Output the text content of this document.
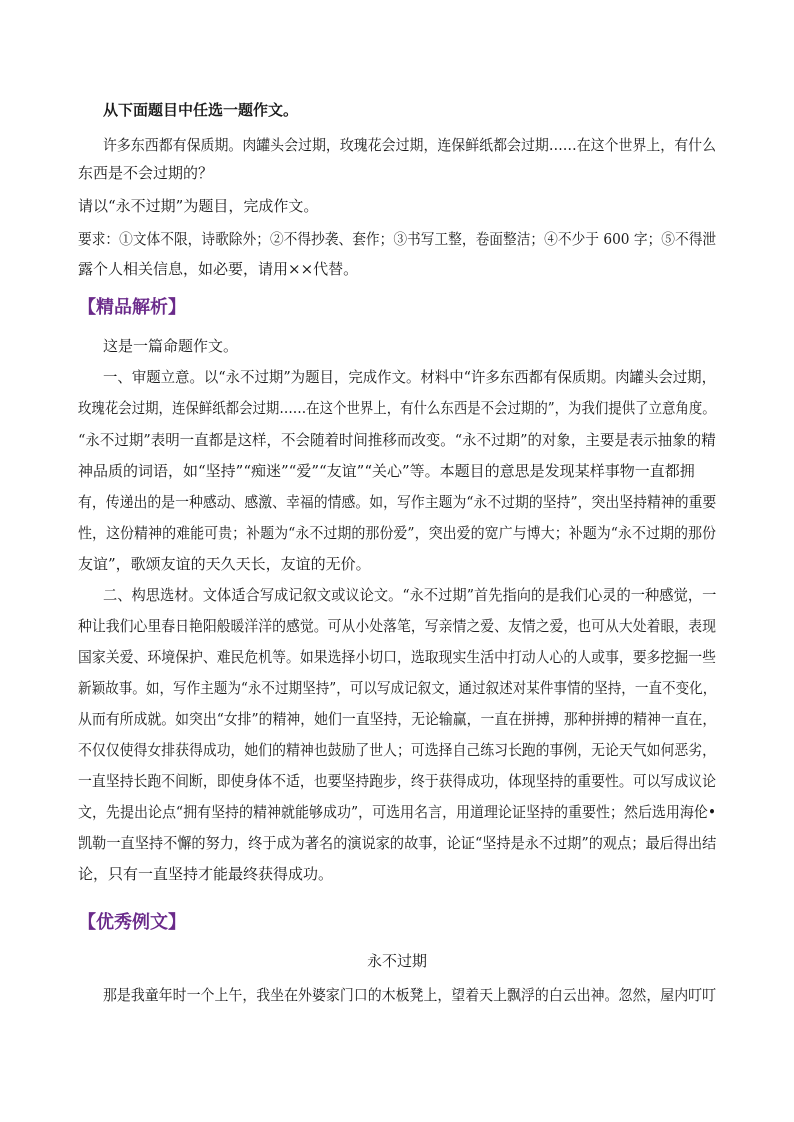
从下面题目中任选一题作文。
许多东西都有保质期。肉罐头会过期，玫瑰花会过期，连保鲜纸都会过期……在这个世界上，有什么
东西是不会过期的？
请以“永不过期”为题目，完成作文。
要求：①文体不限，诗歌除外；②不得抄袭、套作；③书写工整，卷面整洁；④不少于 600 字；⑤不得泄
露个人相关信息，如必要，请用××代替。
【精品解析】
这是一篇命题作文。
一、审题立意。以“永不过期”为题目，完成作文。材料中“许多东西都有保质期。肉罐头会过期，
玫瑰花会过期，连保鲜纸都会过期……在这个世界上，有什么东西是不会过期的”，为我们提供了立意角度。
“永不过期”表明一直都是这样，不会随着时间推移而改变。“永不过期”的对象，主要是表示抽象的精
神品质的词语，如“坚持”“痴迷”“爱”“友谊”“关心”等。本题目的意思是发现某样事物一直都拥
有，传递出的是一种感动、感激、幸福的情感。如，写作主题为“永不过期的坚持”，突出坚持精神的重要
性，这份精神的难能可贵；补题为“永不过期的那份爱”，突出爱的宽广与博大；补题为“永不过期的那份
友谊”，歌颂友谊的天久天长，友谊的无价。
二、构思选材。文体适合写成记叙文或议论文。“永不过期”首先指向的是我们心灵的一种感觉，一
种让我们心里春日艳阳般暖洋洋的感觉。可从小处落笔，写亲情之爱、友情之爱，也可从大处着眼，表现
国家关爱、环境保护、难民危机等。如果选择小切口，选取现实生活中打动人心的人或事，要多挖掘一些
新颖故事。如，写作主题为“永不过期坚持”，可以写成记叙文，通过叙述对某件事情的坚持，一直不变化，
从而有所成就。如突出“女排”的精神，她们一直坚持，无论输赢，一直在拼搏，那种拼搏的精神一直在，
不仅仅使得女排获得成功，她们的精神也鼓励了世人；可选择自己练习长跑的事例，无论天气如何恶劣，
一直坚持长跑不间断，即使身体不适，也要坚持跑步，终于获得成功，体现坚持的重要性。可以写成议论
文，先提出论点“拥有坚持的精神就能够成功”，可选用名言，用道理论证坚持的重要性；然后选用海伦•
凯勒一直坚持不懈的努力，终于成为著名的演说家的故事，论证“坚持是永不过期”的观点；最后得出结
论，只有一直坚持才能最终获得成功。
【优秀例文】
永不过期
那是我童年时一个上午，我坐在外婆家门口的木板凳上，望着天上飘浮的白云出神。忽然，屋内叮叮
